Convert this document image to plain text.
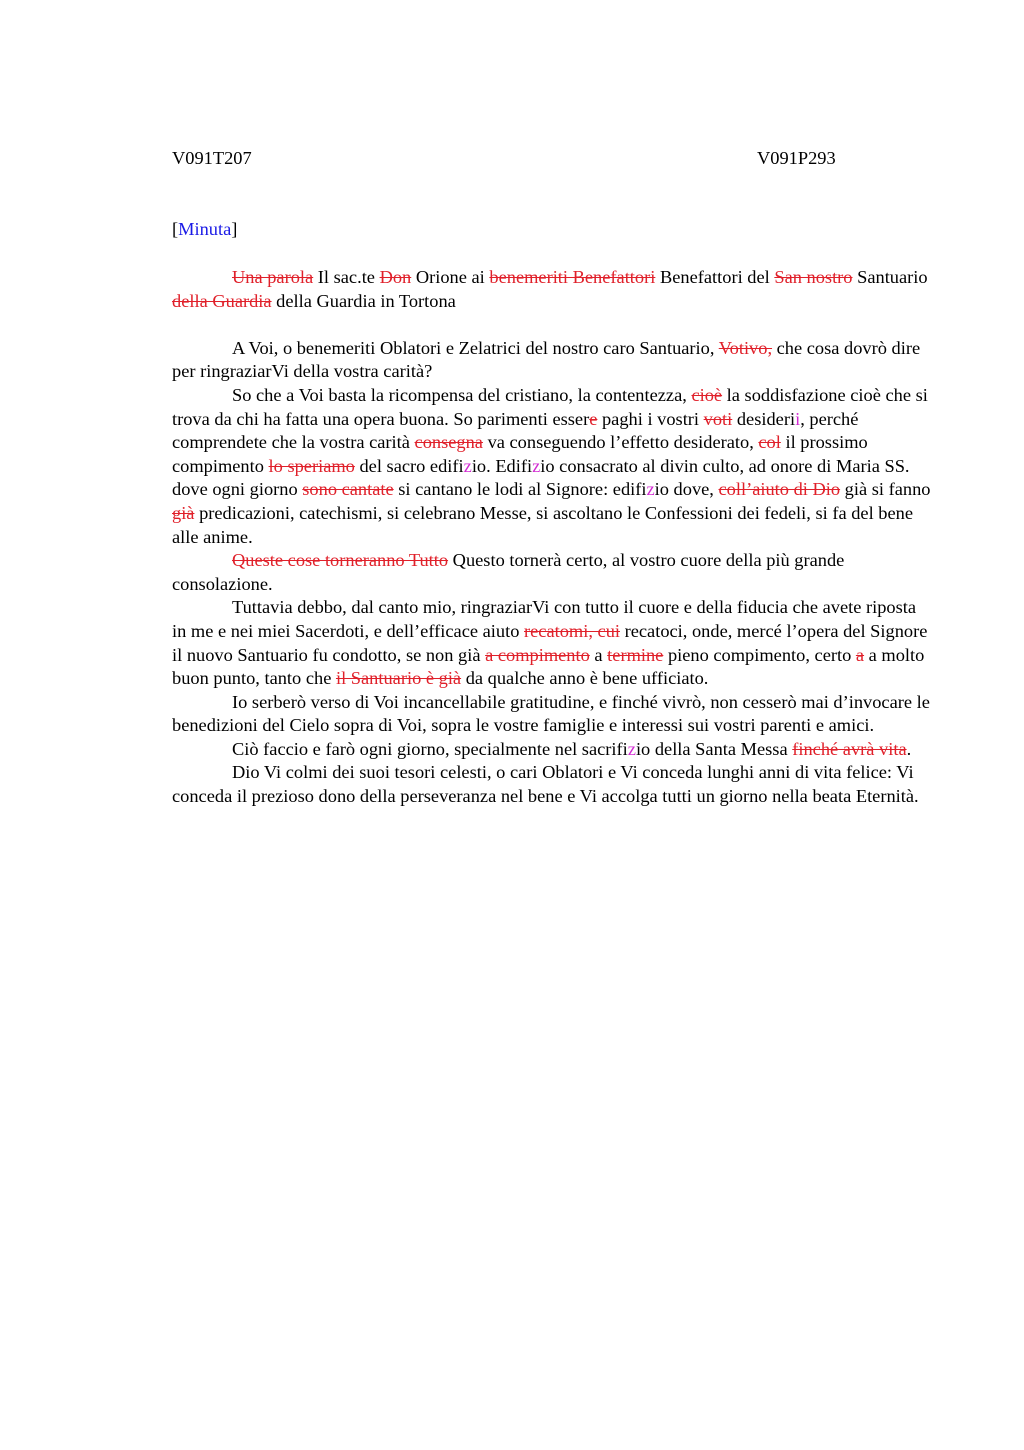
V091T207	V091P293
[Minuta]

Una parola Il sac.te Don Orione ai benemeriti Benefattori Benefattori del San nostro Santuario della Guardia della Guardia in Tortona

A Voi, o benemeriti Oblatori e Zelatrici del nostro caro Santuario, Votivo, che cosa dovrò dire per ringraziarVi della vostra carità?

So che a Voi basta la ricompensa del cristiano, la contentezza, cioè la soddisfazione cioè che si trova da chi ha fatta una opera buona. So parimenti essere paghi i vostri voti desiderii, perché comprendete che la vostra carità consegna va conseguendo l’effetto desiderato, col il prossimo compimento lo speriamo del sacro edifizio. Edifizio consacrato al divin culto, ad onore di Maria SS. dove ogni giorno sono cantate si cantano le lodi al Signore: edifizio dove, coll’aiuto di Dio già si fanno già predicazioni, catechismi, si celebrano Messe, si ascoltano le Confessioni dei fedeli, si fa del bene alle anime.

Queste cose torneranno Tutto Questo tornerà certo, al vostro cuore della più grande consolazione.

Tuttavia debbo, dal canto mio, ringraziarVi con tutto il cuore e della fiducia che avete riposta in me e nei miei Sacerdoti, e dell’efficace aiuto recatomi, cui recatoci, onde, mercé l’opera del Signore il nuovo Santuario fu condotto, se non già a compimento a termine pieno compimento, certo a a molto buon punto, tanto che il Santuario è già da qualche anno è bene ufficiato.

Io serberò verso di Voi incancellabile gratitudine, e finché vivrò, non cesserò mai d’invocare le benedizioni del Cielo sopra di Voi, sopra le vostre famiglie e interessi sui vostri parenti e amici.

Ciò faccio e farò ogni giorno, specialmente nel sacrifizio della Santa Messa finché avrà vita.

Dio Vi colmi dei suoi tesori celesti, o cari Oblatori e Vi conceda lunghi anni di vita felice: Vi conceda il prezioso dono della perseveranza nel bene e Vi accolga tutti un giorno nella beata Eternità.
